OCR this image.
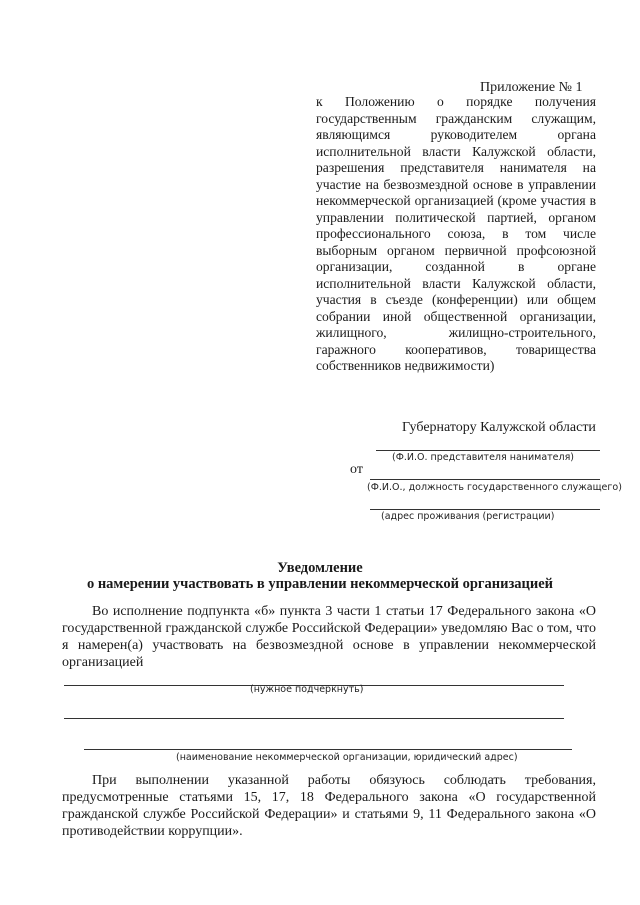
Приложение № 1

к Положению о порядке получения государственным гражданским служащим, являющимся руководителем органа исполнительной власти Калужской области, разрешения представителя нанимателя на участие на безвозмездной основе в управлении некоммерческой организацией (кроме участия в управлении политической партией, органом профессионального союза, в том числе выборным органом первичной профсоюзной организации, созданной в органе исполнительной власти Калужской области, участия в съезде (конференции) или общем собрании иной общественной организации, жилищного, жилищно-строительного, гаражного кооперативов, товарищества собственников недвижимости)

Губернатору Калужской области
(Ф.И.О. представителя нанимателя)
от
(Ф.И.О., должность государственного служащего)
(адрес проживания (регистрации)
Уведомление
о намерении участвовать в управлении некоммерческой организацией

Во исполнение подпункта «б» пункта 3 части 1 статьи 17 Федерального закона «О государственной гражданской службе Российской Федерации» уведомляю Вас о том, что я намерен(а) участвовать на безвозмездной основе в управлении некоммерческой организацией

(нужное подчеркнуть)
(наименование некоммерческой организации, юридический адрес)

При выполнении указанной работы обязуюсь соблюдать требования, предусмотренные статьями 15, 17, 18 Федерального закона «О государственной гражданской службе Российской Федерации» и статьями 9, 11 Федерального закона «О противодействии коррупции».
